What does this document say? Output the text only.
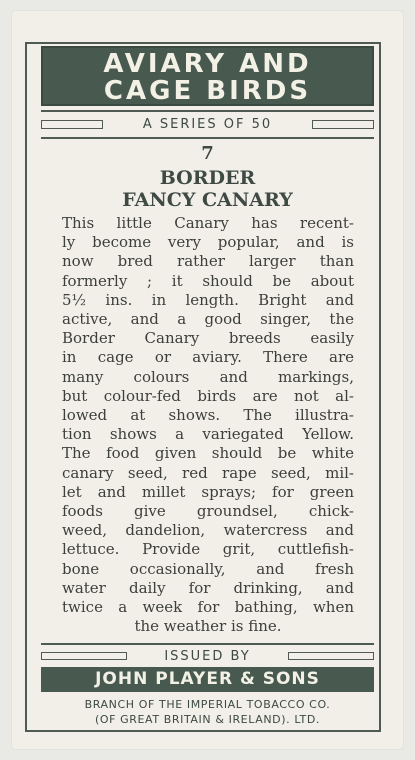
AVIARY AND
CAGE BIRDS
A SERIES OF 50
7
BORDER
FANCY CANARY
This little Canary has recent-
ly become very popular, and is
now bred rather larger than
formerly ; it should be about
5½ ins. in length. Bright and
active, and a good singer, the
Border Canary breeds easily
in cage or aviary. There are
many colours and markings,
but colour-fed birds are not al-
lowed at shows. The illustra-
tion shows a variegated Yellow.
The food given should be white
canary seed, red rape seed, mil-
let and millet sprays; for green
foods give groundsel, chick-
weed, dandelion, watercress and
lettuce. Provide grit, cuttlefish-
bone occasionally, and fresh
water daily for drinking, and
twice a week for bathing, when
the weather is fine.
ISSUED BY
JOHN PLAYER & SONS
BRANCH OF THE IMPERIAL TOBACCO CO.
(OF GREAT BRITAIN & IRELAND). LTD.
